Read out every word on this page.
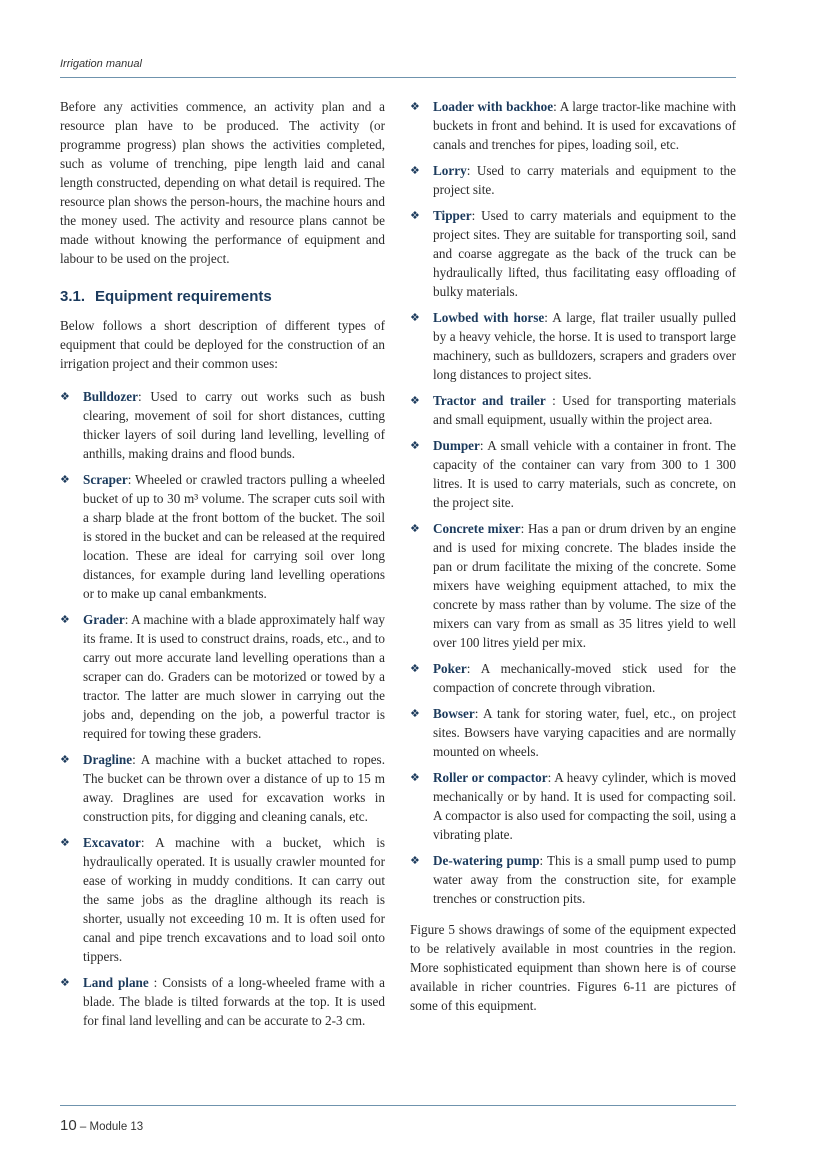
Irrigation manual

Before any activities commence, an activity plan and a resource plan have to be produced. The activity (or programme progress) plan shows the activities completed, such as volume of trenching, pipe length laid and canal length constructed, depending on what detail is required. The resource plan shows the person-hours, the machine hours and the money used. The activity and resource plans cannot be made without knowing the performance of equipment and labour to be used on the project.

3.1. Equipment requirements

Below follows a short description of different types of equipment that could be deployed for the construction of an irrigation project and their common uses:

❖ Bulldozer: Used to carry out works such as bush clearing, movement of soil for short distances, cutting thicker layers of soil during land levelling, levelling of anthills, making drains and flood bunds.
❖ Scraper: Wheeled or crawled tractors pulling a wheeled bucket of up to 30 m³ volume. The scraper cuts soil with a sharp blade at the front bottom of the bucket. The soil is stored in the bucket and can be released at the required location. These are ideal for carrying soil over long distances, for example during land levelling operations or to make up canal embankments.
❖ Grader: A machine with a blade approximately half way its frame. It is used to construct drains, roads, etc., and to carry out more accurate land levelling operations than a scraper can do. Graders can be motorized or towed by a tractor. The latter are much slower in carrying out the jobs and, depending on the job, a powerful tractor is required for towing these graders.
❖ Dragline: A machine with a bucket attached to ropes. The bucket can be thrown over a distance of up to 15 m away. Draglines are used for excavation works in construction pits, for digging and cleaning canals, etc.
❖ Excavator: A machine with a bucket, which is hydraulically operated. It is usually crawler mounted for ease of working in muddy conditions. It can carry out the same jobs as the dragline although its reach is shorter, usually not exceeding 10 m. It is often used for canal and pipe trench excavations and to load soil onto tippers.
❖ Land plane : Consists of a long-wheeled frame with a blade. The blade is tilted forwards at the top. It is used for final land levelling and can be accurate to 2-3 cm.
❖ Loader with backhoe: A large tractor-like machine with buckets in front and behind. It is used for excavations of canals and trenches for pipes, loading soil, etc.
❖ Lorry: Used to carry materials and equipment to the project site.
❖ Tipper: Used to carry materials and equipment to the project sites. They are suitable for transporting soil, sand and coarse aggregate as the back of the truck can be hydraulically lifted, thus facilitating easy offloading of bulky materials.
❖ Lowbed with horse: A large, flat trailer usually pulled by a heavy vehicle, the horse. It is used to transport large machinery, such as bulldozers, scrapers and graders over long distances to project sites.
❖ Tractor and trailer : Used for transporting materials and small equipment, usually within the project area.
❖ Dumper: A small vehicle with a container in front. The capacity of the container can vary from 300 to 1 300 litres. It is used to carry materials, such as concrete, on the project site.
❖ Concrete mixer: Has a pan or drum driven by an engine and is used for mixing concrete. The blades inside the pan or drum facilitate the mixing of the concrete. Some mixers have weighing equipment attached, to mix the concrete by mass rather than by volume. The size of the mixers can vary from as small as 35 litres yield to well over 100 litres yield per mix.
❖ Poker: A mechanically-moved stick used for the compaction of concrete through vibration.
❖ Bowser: A tank for storing water, fuel, etc., on project sites. Bowsers have varying capacities and are normally mounted on wheels.
❖ Roller or compactor: A heavy cylinder, which is moved mechanically or by hand. It is used for compacting soil. A compactor is also used for compacting the soil, using a vibrating plate.
❖ De-watering pump: This is a small pump used to pump water away from the construction site, for example trenches or construction pits.

Figure 5 shows drawings of some of the equipment expected to be relatively available in most countries in the region. More sophisticated equipment than shown here is of course available in richer countries. Figures 6-11 are pictures of some of this equipment.

10 – Module 13
